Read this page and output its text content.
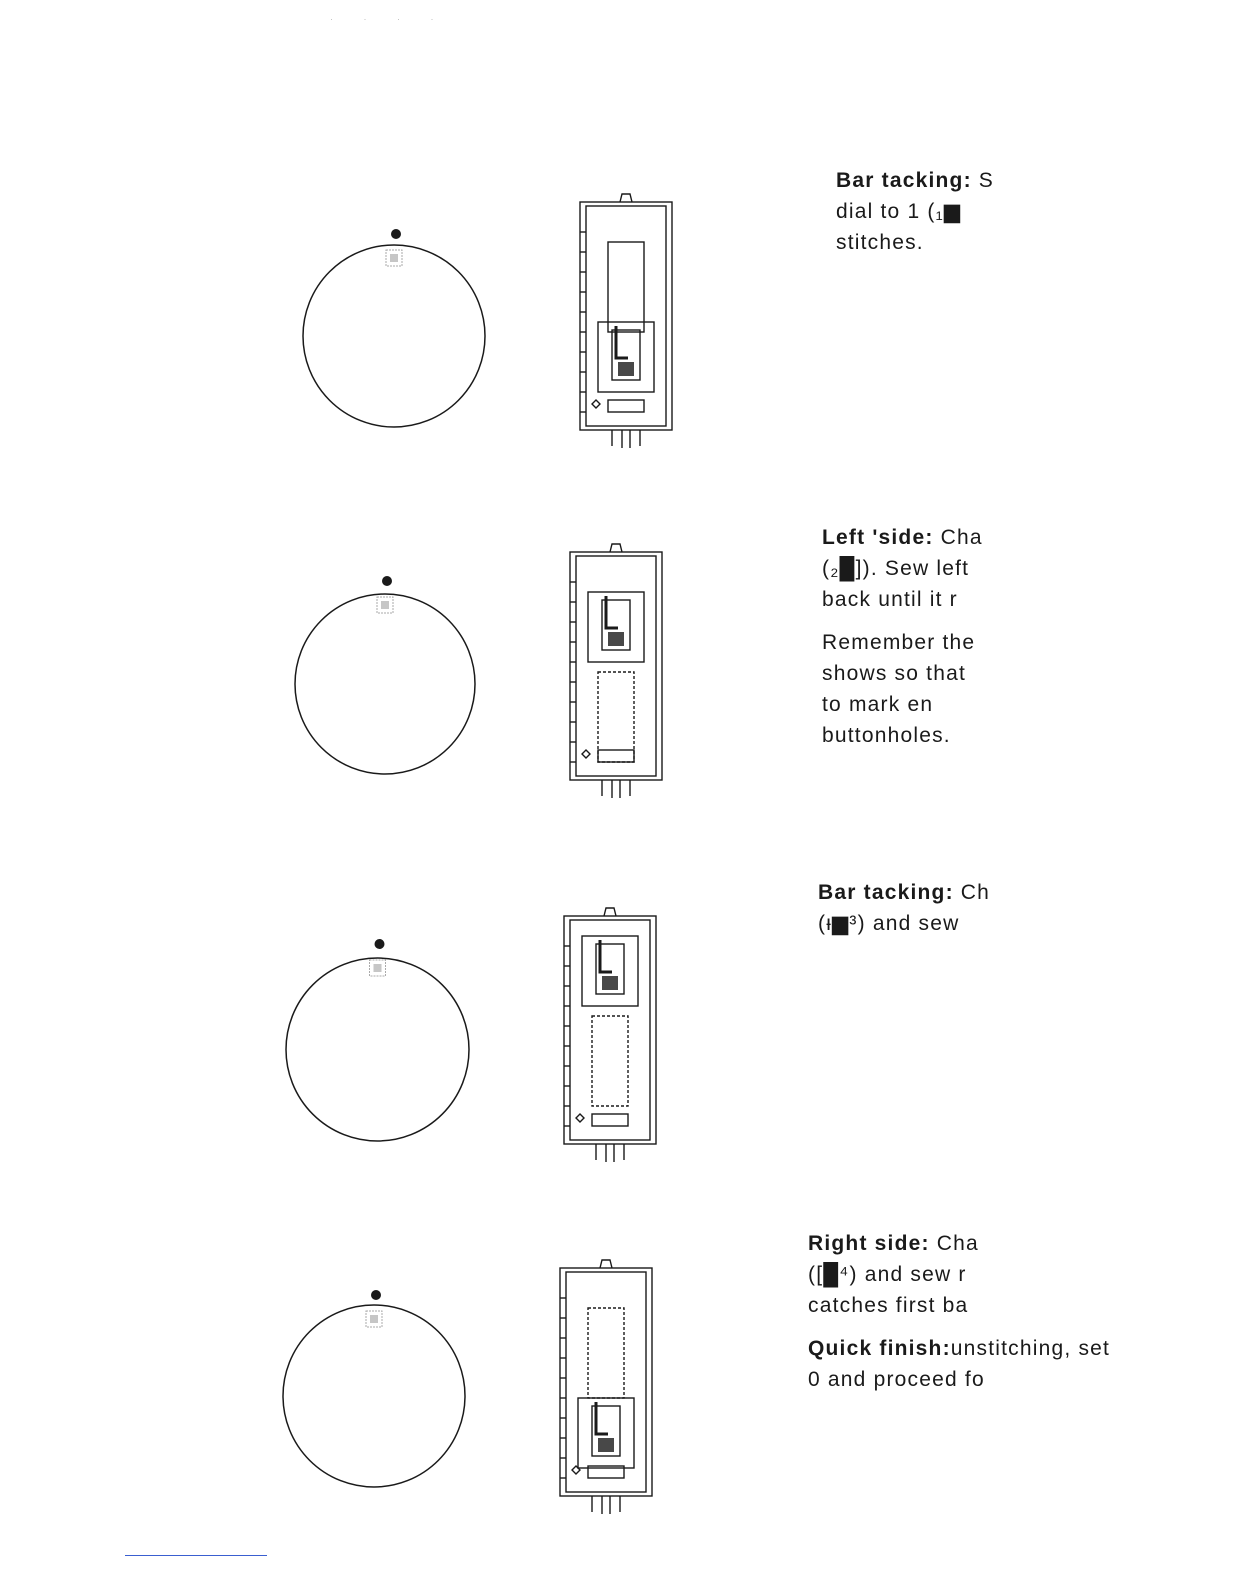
· · · ·

Bar tacking: S
dial to 1 (₁▆
stitches.

Left 'side: Cha
(₂█]). Sew left
back until it r

Remember the
shows so that
to mark en
buttonholes.

Bar tacking: Ch
(ᵼ▆³) and sew

Right side: Cha
([█⁴) and sew r
catches first ba

Quick finish:unstitching, set
0 and proceed fo
